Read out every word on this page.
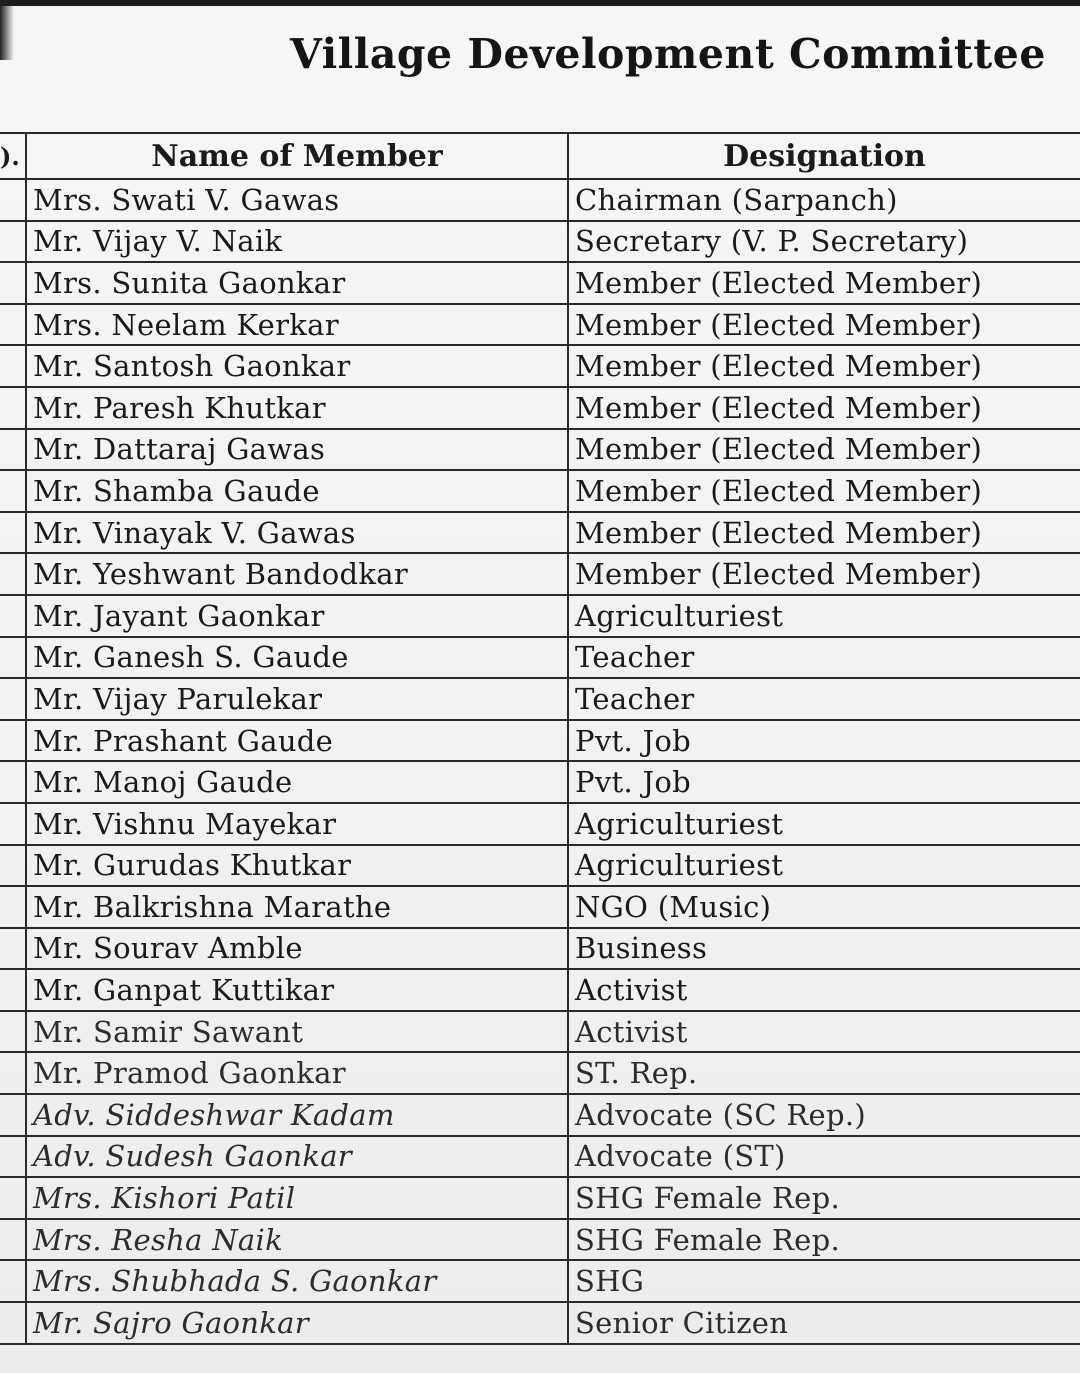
Village Development Committee
).	Name of Member	Designation
	Mrs. Swati V. Gawas	Chairman (Sarpanch)
	Mr. Vijay V. Naik	Secretary (V. P. Secretary)
	Mrs. Sunita Gaonkar	Member (Elected Member)
	Mrs. Neelam Kerkar	Member (Elected Member)
	Mr. Santosh Gaonkar	Member (Elected Member)
	Mr. Paresh Khutkar	Member (Elected Member)
	Mr. Dattaraj Gawas	Member (Elected Member)
	Mr. Shamba Gaude	Member (Elected Member)
	Mr. Vinayak V. Gawas	Member (Elected Member)
	Mr. Yeshwant Bandodkar	Member (Elected Member)
	Mr. Jayant Gaonkar	Agriculturiest
	Mr. Ganesh S. Gaude	Teacher
	Mr. Vijay Parulekar	Teacher
	Mr. Prashant Gaude	Pvt. Job
	Mr. Manoj Gaude	Pvt. Job
	Mr. Vishnu Mayekar	Agriculturiest
	Mr. Gurudas Khutkar	Agriculturiest
	Mr. Balkrishna Marathe	NGO (Music)
	Mr. Sourav Amble	Business
	Mr. Ganpat Kuttikar	Activist
	Mr. Samir Sawant	Activist
	Mr. Pramod Gaonkar	ST. Rep.
	Adv. Siddeshwar Kadam	Advocate (SC Rep.)
	Adv. Sudesh Gaonkar	Advocate (ST)
	Mrs. Kishori Patil	SHG Female Rep.
	Mrs. Resha Naik	SHG Female Rep.
	Mrs. Shubhada S. Gaonkar	SHG
	Mr. Sajro Gaonkar	Senior Citizen
